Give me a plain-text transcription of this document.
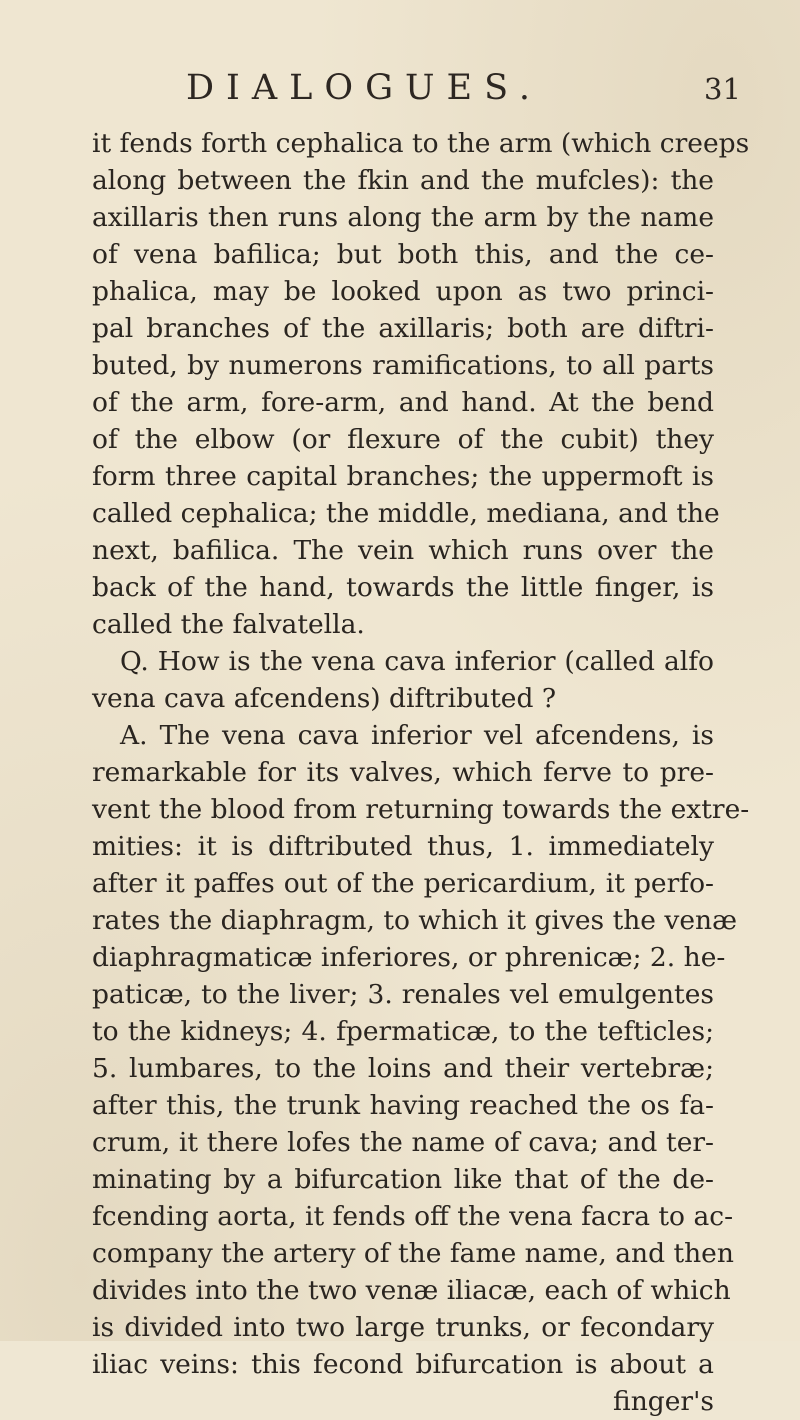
DIALOGUES.	31
it fends forth cephalica to the arm (which creeps
along between the fkin and the mufcles): the
axillaris then runs along the arm by the name
of vena bafilica; but both this, and the ce-
phalica, may be looked upon as two princi-
pal branches of the axillaris; both are diftri-
buted, by numerons ramifications, to all parts
of the arm, fore-arm, and hand. At the bend
of the elbow (or flexure of the cubit) they
form three capital branches; the uppermoft is
called cephalica; the middle, mediana, and the
next, bafilica. The vein which runs over the
back of the hand, towards the little finger, is
called the falvatella.
Q. How is the vena cava inferior (called alfo
vena cava afcendens) diftributed ?
A. The vena cava inferior vel afcendens, is
remarkable for its valves, which ferve to pre-
vent the blood from returning towards the extre-
mities: it is diftributed thus, 1. immediately
after it paffes out of the pericardium, it perfo-
rates the diaphragm, to which it gives the venæ
diaphragmaticæ inferiores, or phrenicæ; 2. he-
paticæ, to the liver; 3. renales vel emulgentes
to the kidneys; 4. fpermaticæ, to the tefticles;
5. lumbares, to the loins and their vertebræ;
after this, the trunk having reached the os fa-
crum, it there lofes the name of cava; and ter-
minating by a bifurcation like that of the de-
fcending aorta, it fends off the vena facra to ac-
company the artery of the fame name, and then
divides into the two venæ iliacæ, each of which
is divided into two large trunks, or fecondary
iliac veins: this fecond bifurcation is about a
finger's
